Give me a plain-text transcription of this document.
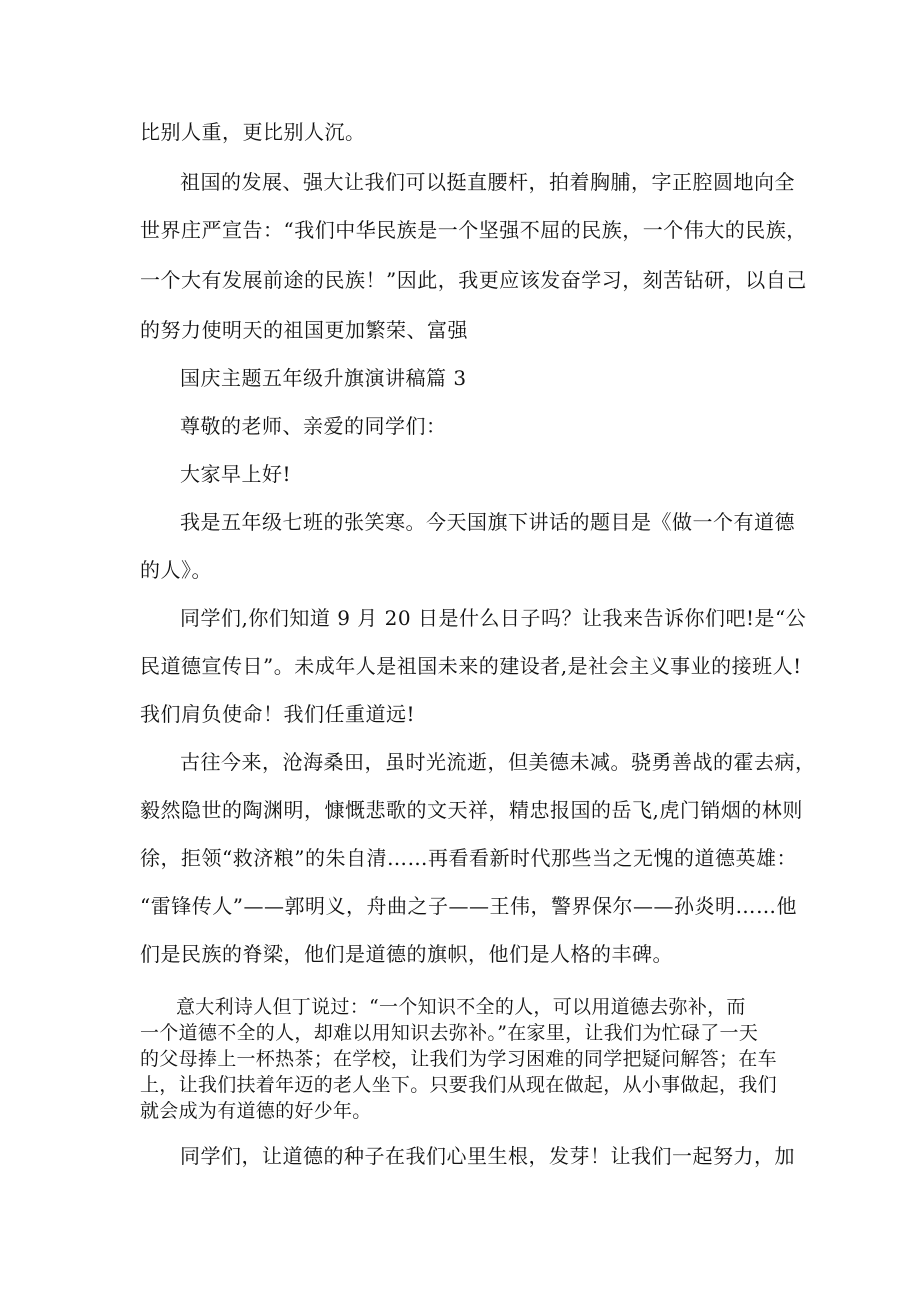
比别人重，更比别人沉。

祖国的发展、强大让我们可以挺直腰杆，拍着胸脯，字正腔圆地向全

世界庄严宣告：“我们中华民族是一个坚强不屈的民族，一个伟大的民族，

一个大有发展前途的民族！”因此，我更应该发奋学习，刻苦钻研，以自己

的努力使明天的祖国更加繁荣、富强

国庆主题五年级升旗演讲稿篇 3

尊敬的老师、亲爱的同学们：

大家早上好!

我是五年级七班的张笑寒。今天国旗下讲话的题目是《做一个有道德

的人》。

同学们,你们知道 9 月 20 日是什么日子吗？让我来告诉你们吧!是“公

民道德宣传日”。未成年人是祖国未来的建设者,是社会主义事业的接班人!

我们肩负使命！我们任重道远!

古往今来，沧海桑田，虽时光流逝，但美德未减。骁勇善战的霍去病，

毅然隐世的陶渊明，慷慨悲歌的文天祥，精忠报国的岳飞,虎门销烟的林则

徐，拒领“救济粮”的朱自清……再看看新时代那些当之无愧的道德英雄：

“雷锋传人”——郭明义，舟曲之子——王伟，警界保尔——孙炎明……他

们是民族的脊梁，他们是道德的旗帜，他们是人格的丰碑。

意大利诗人但丁说过：“一个知识不全的人，可以用道德去弥补，而

一个道德不全的人，却难以用知识去弥补。”在家里，让我们为忙碌了一天

的父母捧上一杯热茶；在学校，让我们为学习困难的同学把疑问解答；在车

上，让我们扶着年迈的老人坐下。只要我们从现在做起，从小事做起，我们

就会成为有道德的好少年。

同学们，让道德的种子在我们心里生根，发芽！让我们一起努力，加
